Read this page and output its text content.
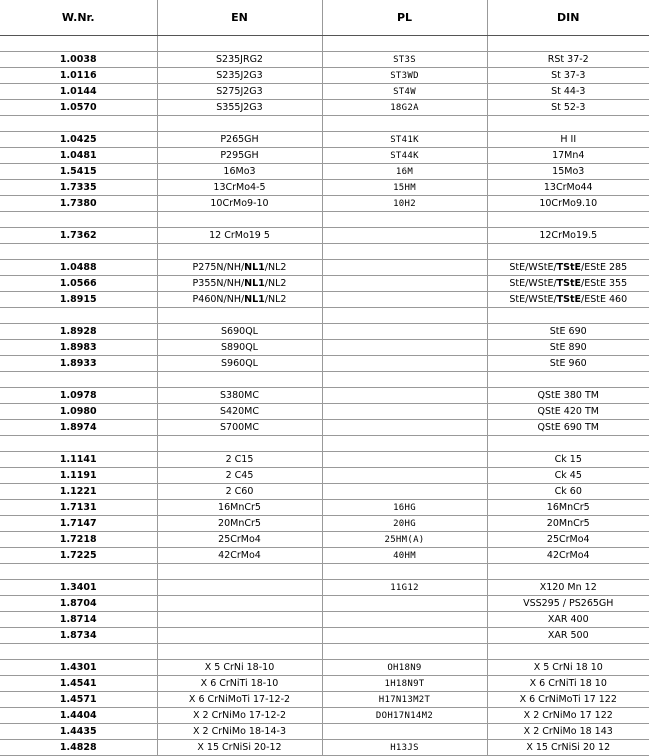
W.Nr.	EN	PL	DIN

1.0038	S235JRG2	ST3S	RSt 37-2
1.0116	S235J2G3	ST3WD	St 37-3
1.0144	S275J2G3	ST4W	St 44-3
1.0570	S355J2G3	18G2A	St 52-3

1.0425	P265GH	ST41K	H II
1.0481	P295GH	ST44K	17Mn4
1.5415	16Mo3	16M	15Mo3
1.7335	13CrMo4-5	15HM	13CrMo44
1.7380	10CrMo9-10	10H2	10CrMo9.10

1.7362	12 CrMo19 5		12CrMo19.5

1.0488	P275N/NH/NL1/NL2		StE/WStE/TStE/EStE 285
1.0566	P355N/NH/NL1/NL2		StE/WStE/TStE/EStE 355
1.8915	P460N/NH/NL1/NL2		StE/WStE/TStE/EStE 460

1.8928	S690QL		StE 690
1.8983	S890QL		StE 890
1.8933	S960QL		StE 960

1.0978	S380MC		QStE 380 TM
1.0980	S420MC		QStE 420 TM
1.8974	S700MC		QStE 690 TM

1.1141	2 C15		Ck 15
1.1191	2 C45		Ck 45
1.1221	2 C60		Ck 60
1.7131	16MnCr5	16HG	16MnCr5
1.7147	20MnCr5	20HG	20MnCr5
1.7218	25CrMo4	25HM(A)	25CrMo4
1.7225	42CrMo4	40HM	42CrMo4

1.3401		11G12	X120 Mn 12
1.8704			VSS295 / PS265GH
1.8714			XAR 400
1.8734			XAR 500

1.4301	X 5 CrNi 18-10	OH18N9	X 5 CrNi 18 10
1.4541	X 6 CrNiTi 18-10	1H18N9T	X 6 CrNiTi 18 10
1.4571	X 6 CrNiMoTi 17-12-2	H17N13M2T	X 6 CrNiMoTi 17 122
1.4404	X 2 CrNiMo 17-12-2	DOH17N14M2	X 2 CrNiMo 17 122
1.4435	X 2 CrNiMo 18-14-3		X 2 CrNiMo 18 143
1.4828	X 15 CrNiSi 20-12	H13JS	X 15 CrNiSi 20 12
